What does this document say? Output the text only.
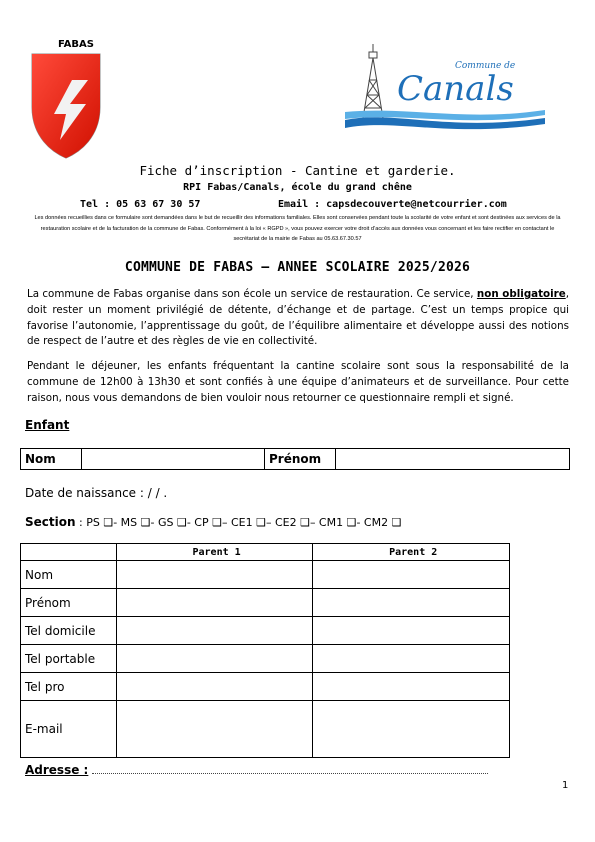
FABAS
Commune de
Canals
Fiche d’inscription - Cantine et garderie.
RPI Fabas/Canals, école du grand chêne
Tel : 05 63 67 30 57	Email : capsdecouverte@netcourrier.com
Les données recueillies dans ce formulaire sont demandées dans le but de recueillir des informations familiales. Elles sont conservées pendant toute la scolarité de votre enfant et sont destinées aux services de la restauration scolaire et de la facturation de la commune de Fabas. Conformément à la loi « RGPD », vous pouvez exercer votre droit d’accès aux données vous concernant et les faire rectifier en contactant le secrétariat de la mairie de Fabas au 05.63.67.30.57
COMMUNE DE FABAS – ANNEE SCOLAIRE 2025/2026
La commune de Fabas organise dans son école un service de restauration. Ce service, non obligatoire, doit rester un moment privilégié de détente, d’échange et de partage. C’est un temps propice qui favorise l’autonomie, l’apprentissage du goût, de l’équilibre alimentaire et développe aussi des notions de respect de l’autre et des règles de vie en collectivité.
Pendant le déjeuner, les enfants fréquentant la cantine scolaire sont sous la responsabilité de la commune de 12h00 à 13h30 et sont confiés à une équipe d’animateurs et de surveillance. Pour cette raison, nous vous demandons de bien vouloir nous retourner ce questionnaire rempli et signé.
Enfant
Nom		Prénom	
Date de naissance : / / .
Section : PS ❑- MS ❑- GS ❑- CP ❑– CE1 ❑– CE2 ❑– CM1 ❑- CM2 ❑
	Parent 1	Parent 2
Nom		
Prénom		
Tel domicile		
Tel portable		
Tel pro		
E-mail		
Adresse :
1
